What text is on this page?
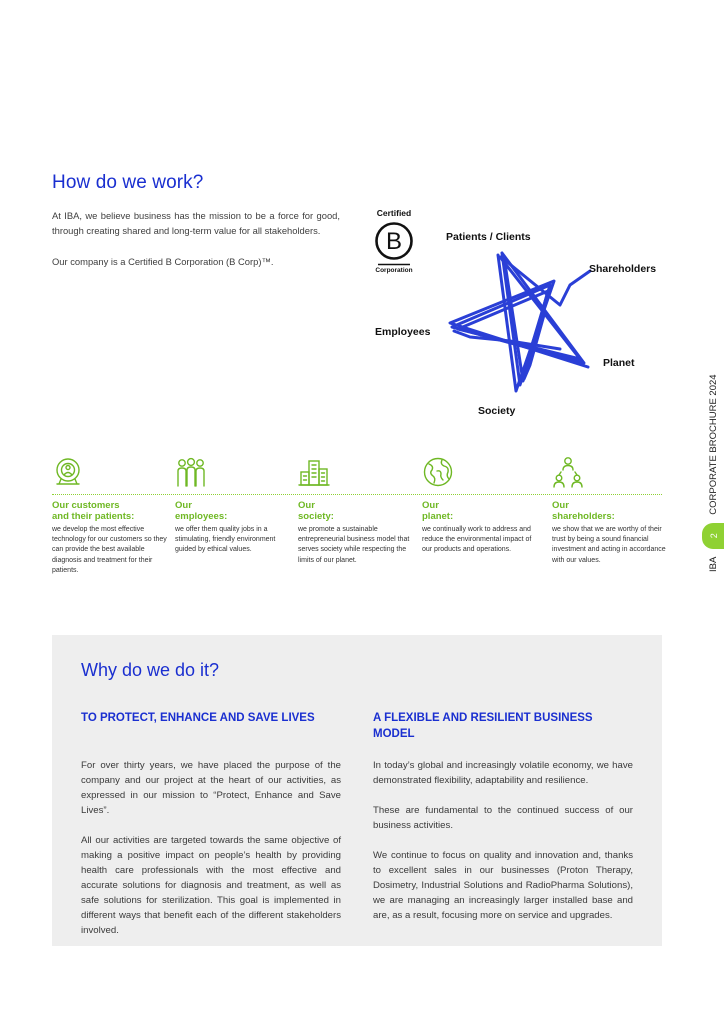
How do we work?

At IBA, we believe business has the mission to be a force for good, through creating shared and long-term value for all stakeholders.

Our company is a Certified B Corporation (B Corp)™.

Certified
B
Corporation
Patients / Clients
Shareholders
Employees
Planet
Society
IBA
2
CORPORATE BROCHURE 2024
Our customers
and their patients:
we develop the most effective technology for our customers so they can provide the best available diagnosis and treatment for their patients.
Our
employees:
we offer them quality jobs in a stimulating, friendly environment guided by ethical values.
Our
society:
we promote a sustainable entrepreneurial business model that serves society while respecting the limits of our planet.
Our
planet:
we continually work to address and reduce the environmental impact of our products and operations.
Our
shareholders:
we show that we are worthy of their trust by being a sound financial investment and acting in accordance with our values.
Why do we do it?
TO PROTECT, ENHANCE AND SAVE LIVES

For over thirty years, we have placed the purpose of the company and our project at the heart of our activities, as expressed in our mission to “Protect, Enhance and Save Lives”.

All our activities are targeted towards the same objective of making a positive impact on people’s health by providing health care professionals with the most effective and accurate solutions for diagnosis and treatment, as well as safe solutions for sterilization. This goal is implemented in different ways that benefit each of the different stakeholders involved.

A FLEXIBLE AND RESILIENT BUSINESS MODEL

In today’s global and increasingly volatile economy, we have demonstrated flexibility, adaptability and resilience.

These are fundamental to the continued success of our business activities.

We continue to focus on quality and innovation and, thanks to excellent sales in our businesses (Proton Therapy, Dosimetry, Industrial Solutions and RadioPharma Solutions), we are managing an increasingly larger installed base and are, as a result, focusing more on service and upgrades.
